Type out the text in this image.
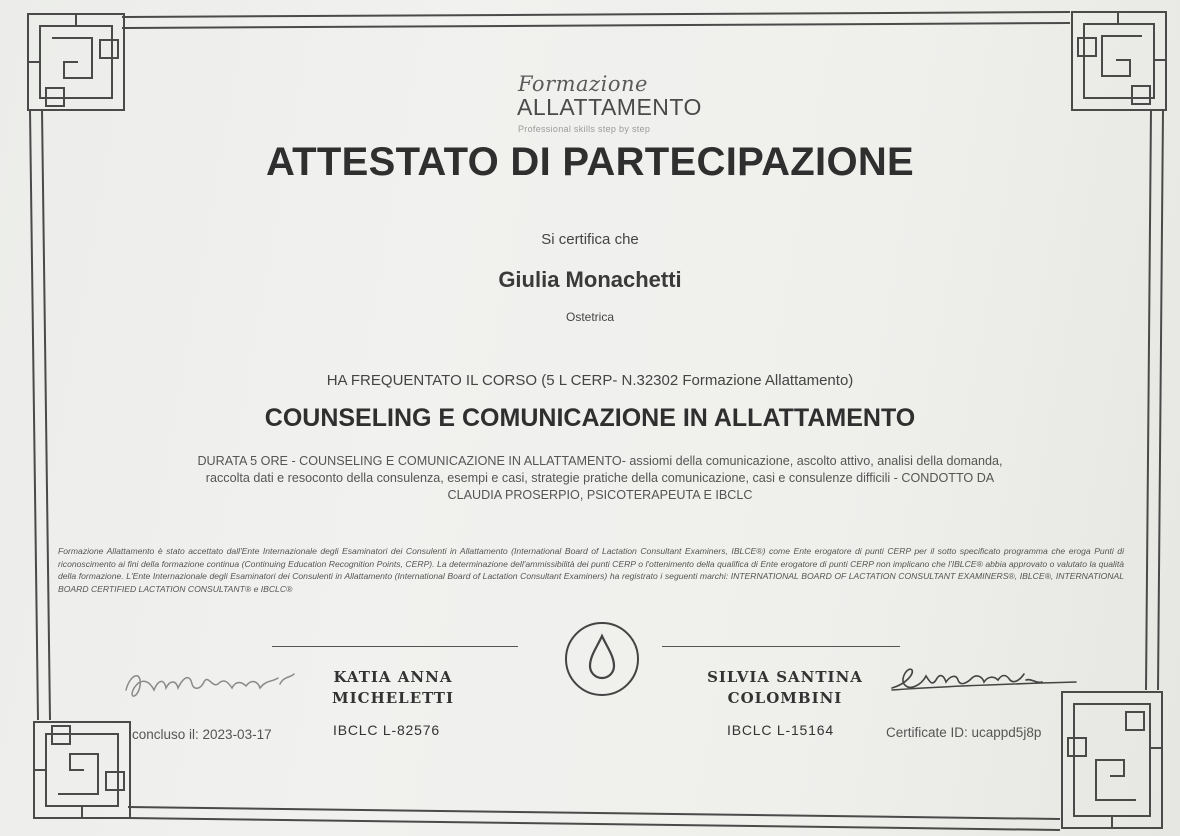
Formazione
ALLATTAMENTO
Professional skills step by step
ATTESTATO DI PARTECIPAZIONE
Si certifica che
Giulia Monachetti
Ostetrica
HA FREQUENTATO IL CORSO (5 L CERP- N.32302 Formazione Allattamento)
COUNSELING E COMUNICAZIONE IN ALLATTAMENTO
DURATA 5 ORE - COUNSELING E COMUNICAZIONE IN ALLATTAMENTO- assiomi della comunicazione, ascolto attivo, analisi della domanda, raccolta dati e resoconto della consulenza, esempi e casi, strategie pratiche della comunicazione, casi e consulenze difficili - CONDOTTO DA CLAUDIA PROSERPIO, PSICOTERAPEUTA E IBCLC
Formazione Allattamento è stato accettato dall'Ente Internazionale degli Esaminatori dei Consulenti in Allattamento (International Board of Lactation Consultant Examiners, IBLCE®) come Ente erogatore di punti CERP per il sotto specificato programma che eroga Punti di riconoscimento ai fini della formazione continua (Continuing Education Recognition Points, CERP). La determinazione dell'ammissibilità dei punti CERP o l'ottenimento della qualifica di Ente erogatore di punti CERP non implicano che l'IBLCE® abbia approvato o valutato la qualità della formazione. L'Ente Internazionale degli Esaminatori dei Consulenti in Allattamento (International Board of Lactation Consultant Examiners) ha registrato i seguenti marchi: INTERNATIONAL BOARD OF LACTATION CONSULTANT EXAMINERS®, IBLCE®, INTERNATIONAL BOARD CERTIFIED LACTATION CONSULTANT® e IBCLC®
KATIA ANNA
MICHELETTI
IBCLC L-82576
concluso il: 2023-03-17
SILVIA SANTINA
COLOMBINI
IBCLC L-15164	Certificate ID: ucappd5j8p
